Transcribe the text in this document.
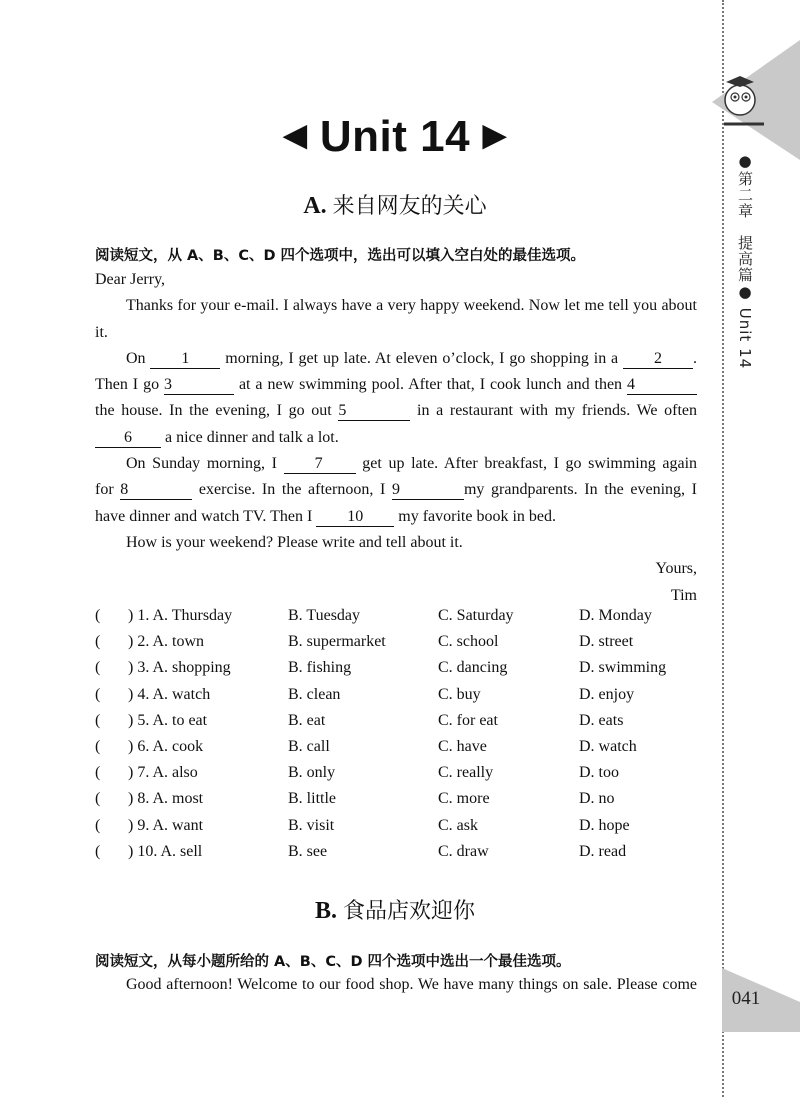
●第二章　提高篇● Unit 14
041
◀ Unit 14 ▶
A. 来自网友的关心
阅读短文，从 A、B、C、D 四个选项中，选出可以填入空白处的最佳选项。
Dear Jerry,
Thanks for your e-mail. I always have a very happy weekend. Now let me tell you about
it.
On 1 morning, I get up late. At eleven o’clock, I go shopping in a 2 .
Then I go 3	at a new swimming pool. After that, I cook lunch and then 4
the house. In the evening, I go out 5	in a restaurant with my friends. We often
6 a nice dinner and talk a lot.
On Sunday morning, I 7 get up late. After breakfast, I go swimming again
for 8	exercise. In the afternoon, I 9	my grandparents. In the evening, I
have dinner and watch TV. Then I 10 my favorite book in bed.
How is your weekend? Please write and tell about it.
Yours,
Tim
( ) 1. A. Thursday	B. Tuesday	C. Saturday	D. Monday
( ) 2. A. town	B. supermarket	C. school	D. street
( ) 3. A. shopping	B. fishing	C. dancing	D. swimming
( ) 4. A. watch	B. clean	C. buy	D. enjoy
( ) 5. A. to eat	B. eat	C. for eat	D. eats
( ) 6. A. cook	B. call	C. have	D. watch
( ) 7. A. also	B. only	C. really	D. too
( ) 8. A. most	B. little	C. more	D. no
( ) 9. A. want	B. visit	C. ask	D. hope
( ) 10. A. sell	B. see	C. draw	D. read
B. 食品店欢迎你
阅读短文，从每小题所给的 A、B、C、D 四个选项中选出一个最佳选项。
Good afternoon! Welcome to our food shop. We have many things on sale. Please come
